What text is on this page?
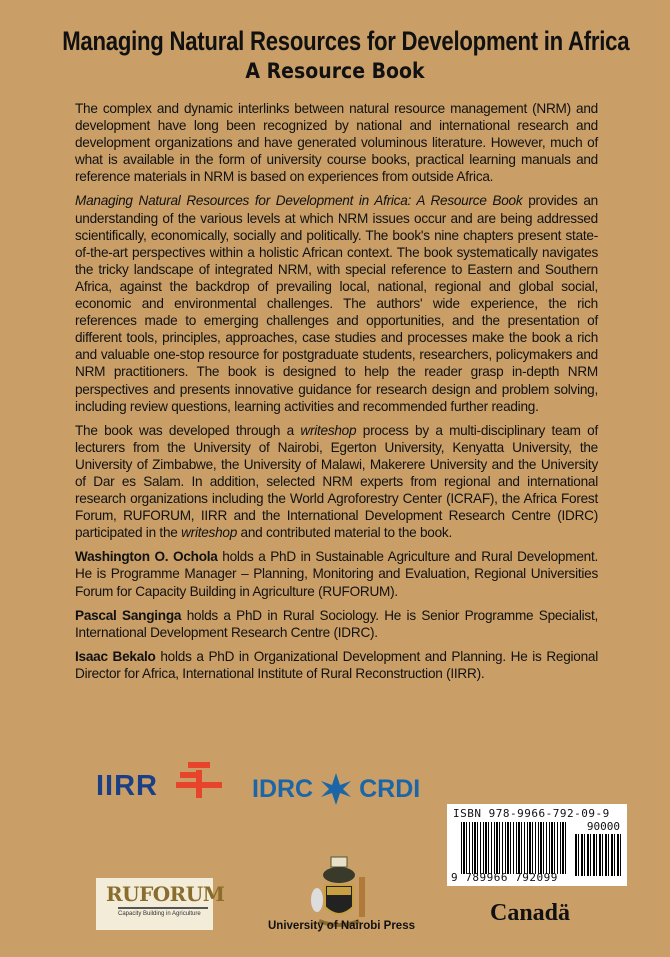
Managing Natural Resources for Development in Africa
A Resource Book

The complex and dynamic interlinks between natural resource management (NRM) and development have long been recognized by national and international research and development organizations and have generated voluminous literature. However, much of what is available in the form of university course books, practical learning manuals and reference materials in NRM is based on experiences from outside Africa.

Managing Natural Resources for Development in Africa: A Resource Book provides an understanding of the various levels at which NRM issues occur and are being addressed scientifically, economically, socially and politically. The book's nine chapters present state-of-the-art perspectives within a holistic African context. The book systematically navigates the tricky landscape of integrated NRM, with special reference to Eastern and Southern Africa, against the backdrop of prevailing local, national, regional and global social, economic and environmental challenges. The authors' wide experience, the rich references made to emerging challenges and opportunities, and the presentation of different tools, principles, approaches, case studies and processes make the book a rich and valuable one-stop resource for postgraduate students, researchers, policymakers and NRM practitioners. The book is designed to help the reader grasp in-depth NRM perspectives and presents innovative guidance for research design and problem solving, including review questions, learning activities and recommended further reading.

The book was developed through a writeshop process by a multi-disciplinary team of lecturers from the University of Nairobi, Egerton University, Kenyatta University, the University of Zimbabwe, the University of Malawi, Makerere University and the University of Dar es Salam. In addition, selected NRM experts from regional and international research organizations including the World Agroforestry Center (ICRAF), the Africa Forest Forum, RUFORUM, IIRR and the International Development Research Centre (IDRC) participated in the writeshop and contributed material to the book.

Washington O. Ochola holds a PhD in Sustainable Agriculture and Rural Development. He is Programme Manager – Planning, Monitoring and Evaluation, Regional Universities Forum for Capacity Building in Agriculture (RUFORUM).

Pascal Sanginga holds a PhD in Rural Sociology. He is Senior Programme Specialist, International Development Research Centre (IDRC).

Isaac Bekalo holds a PhD in Organizational Development and Planning. He is Regional Director for Africa, International Institute of Rural Reconstruction (IIRR).

IIRR	IDRC CRDI
ISBN 978-9966-792-09-9
90000
9 789966 792099
RUFORUM
Capacity Building in Agriculture
University of Nairobi Press	Canadä
